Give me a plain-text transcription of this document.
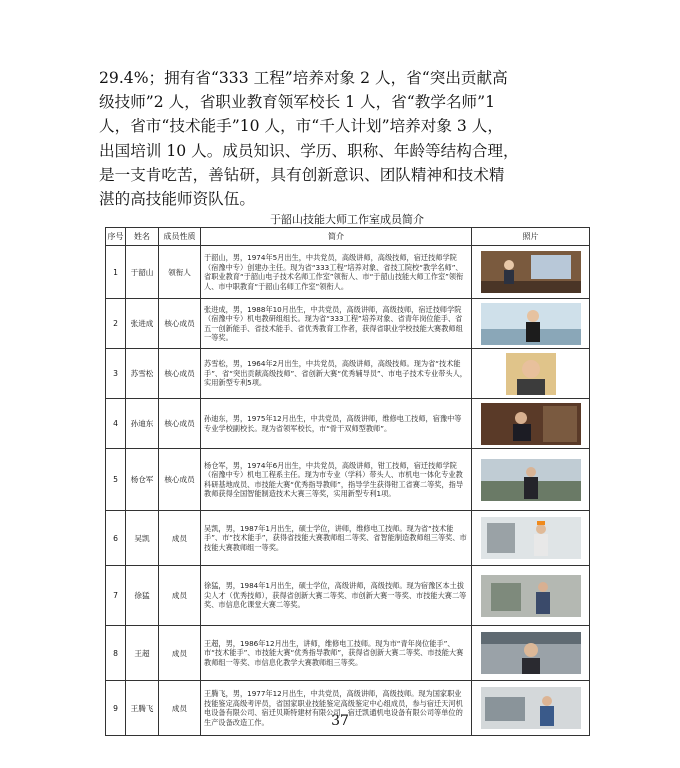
29.4%；拥有省“333 工程”培养对象 2 人，省“突出贡献高
级技师”2 人，省职业教育领军校长 1 人，省“教学名师”1
人，省市“技术能手”10 人，市“千人计划”培养对象 3 人，
出国培训 10 人。成员知识、学历、职称、年龄等结构合理，
是一支肯吃苦，善钻研，具有创新意识、团队精神和技术精
湛的高技能师资队伍。
于韶山技能大师工作室成员简介
序号	姓名	成员性质	简介	照片
1	于韶山	领衔人	于韶山，男，1974年5月出生，中共党员，高级讲师，高级技师，宿迁技师学院（宿豫中专）创建办主任。现为省“333工程”培养对象、省技工院校“教学名师”、省职业教育“于韶山电子技术名师工作室”领衔人、市“于韶山技能大师工作室”领衔人、市中职教育“于韶山名师工作室”领衔人。	

2	张进成	核心成员	张进成，男，1988年10月出生，中共党员，高级讲师，高级技师，宿迁技师学院（宿豫中专）机电教研组组长。现为省“333工程”培养对象、省青年岗位能手、省五一创新能手、省技术能手、省优秀教育工作者，获得省职业学校技能大赛教师组一等奖。	

3	苏雪松	核心成员	苏雪松，男，1964年2月出生，中共党员，高级讲师，高级技师。现为省“技术能手”、省“突出贡献高级技师”、省创新大赛“优秀辅导员”、市电子技术专业带头人，实用新型专利5项。	

4	孙迪东	核心成员	孙迪东，男，1975年12月出生，中共党员，高级讲师，维修电工技师，宿豫中等专业学校副校长。现为省领军校长，市“骨干双师型教师”。	

5	杨仓军	核心成员	杨仓军，男，1974年6月出生，中共党员，高级讲师，钳工技师，宿迁技师学院（宿豫中专）机电工程系主任。现为市专业（学科）带头人、市机电一体化专业教科研基地成员、市技能大赛“优秀指导教师”，指导学生获得钳工省赛二等奖，指导教师获得全国智能制造技术大赛三等奖，实用新型专利1项。	

6	吴凯	成员	吴凯，男，1987年1月出生，硕士学位，讲师，维修电工技师。现为省“技术能手”、市“技术能手”，获得省技能大赛教师组二等奖、省智能制造教师组三等奖、市技能大赛教师组一等奖。	

7	徐猛	成员	徐猛，男，1984年1月出生，硕士学位，高级讲师，高级技师。现为宿豫区本土拔尖人才（优秀技师），获得省创新大赛二等奖、市创新大赛一等奖、市技能大赛二等奖、市信息化课堂大赛二等奖。	

8	王超	成员	王超，男，1986年12月出生，讲师，维修电工技师。现为市“青年岗位能手”、市“技术能手”、市技能大赛“优秀指导教师”，获得省创新大赛二等奖、市技能大赛教师组一等奖、市信息化教学大赛教师组三等奖。	

9	王腾飞	成员	王腾飞，男，1977年12月出生，中共党员，高级讲师，高级技师。现为国家职业技能鉴定高级考评员，省国家职业技能鉴定高级鉴定中心组成员，参与宿迁天河机电设备有限公司、宿迁贝斯特建材有限公司、宿迁凯通机电设备有限公司等单位的生产设备改造工作。		37
